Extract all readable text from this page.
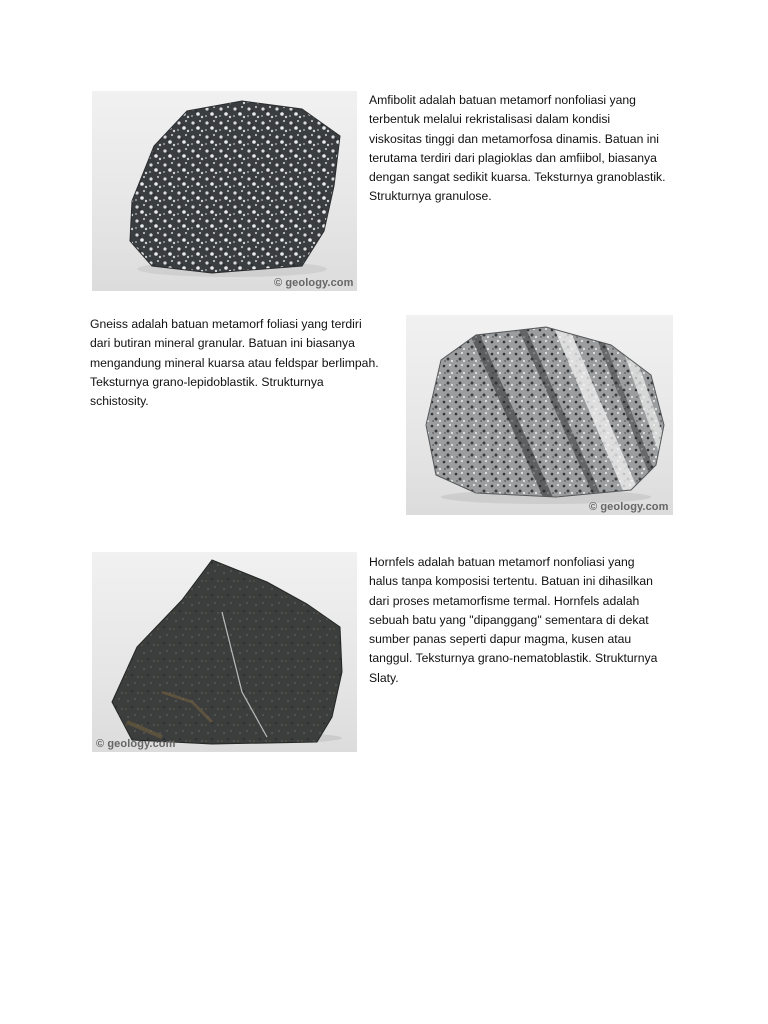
© geology.com

Amfibolit adalah batuan metamorf nonfoliasi yang
terbentuk melalui rekristalisasi dalam kondisi
viskositas tinggi dan metamorfosa dinamis. Batuan ini
terutama terdiri dari plagioklas dan amfiibol, biasanya
dengan sangat sedikit kuarsa. Teksturnya granoblastik.
Strukturnya granulose.

Gneiss adalah batuan metamorf foliasi yang terdiri
dari butiran mineral granular. Batuan ini biasanya
mengandung mineral kuarsa atau feldspar berlimpah.
Teksturnya grano-lepidoblastik. Strukturnya
schistosity.

© geology.com
© geology.com

Hornfels adalah batuan metamorf nonfoliasi yang
halus tanpa komposisi tertentu. Batuan ini dihasilkan
dari proses metamorfisme termal. Hornfels adalah
sebuah batu yang "dipanggang" sementara di dekat
sumber panas seperti dapur magma, kusen atau
tanggul. Teksturnya grano-nematoblastik. Strukturnya
Slaty.
